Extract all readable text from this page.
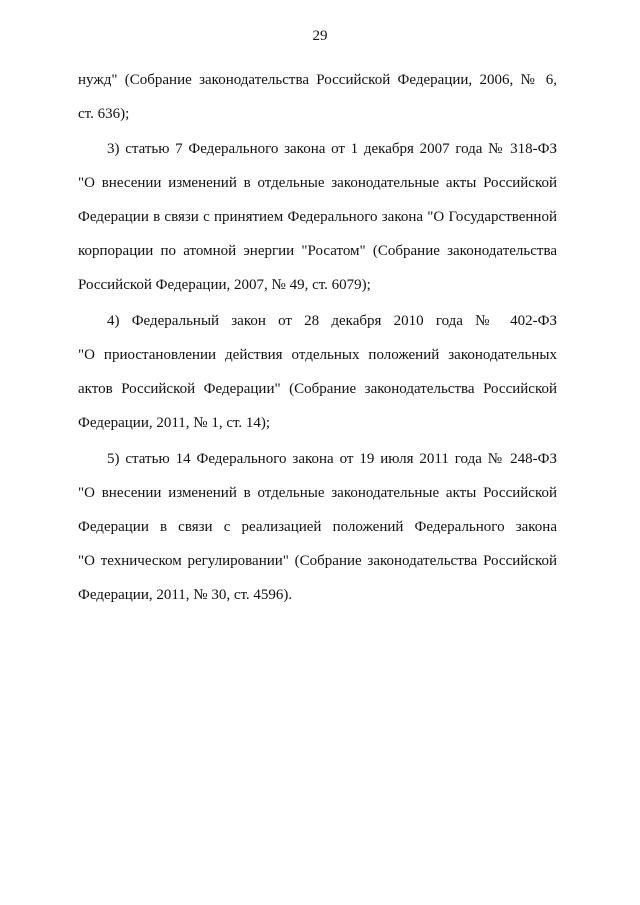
29
нужд" (Собрание законодательства Российской Федерации, 2006, № 6,
ст. 636);
3) статью 7 Федерального закона от 1 декабря 2007 года № 318-ФЗ
"О внесении изменений в отдельные законодательные акты Российской
Федерации в связи с принятием Федерального закона "О Государственной
корпорации по атомной энергии "Росатом" (Собрание законодательства
Российской Федерации, 2007, № 49, ст. 6079);
4) Федеральный закон от 28 декабря 2010 года № 402-ФЗ
"О приостановлении действия отдельных положений законодательных
актов Российской Федерации" (Собрание законодательства Российской
Федерации, 2011, № 1, ст. 14);
5) статью 14 Федерального закона от 19 июля 2011 года № 248-ФЗ
"О внесении изменений в отдельные законодательные акты Российской
Федерации в связи с реализацией положений Федерального закона
"О техническом регулировании" (Собрание законодательства Российской
Федерации, 2011, № 30, ст. 4596).
